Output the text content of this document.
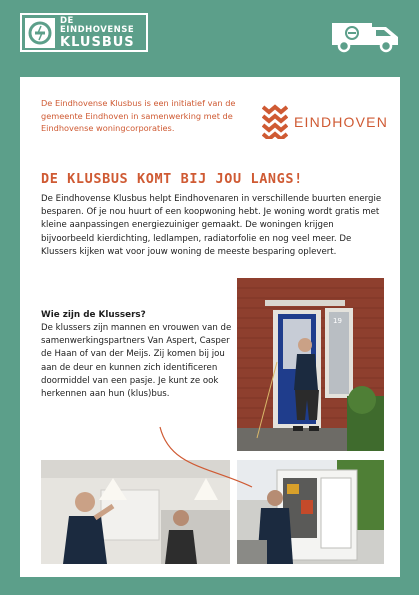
DE
EINDHOVENSE
KLUSBUS
De Eindhovense Klusbus is een initiatief van de gemeente Eindhoven in samenwerking met de Eindhovense woningcorporaties.	EINDHOVEN
DE KLUSBUS KOMT BIJ JOU LANGS!
De Eindhovense Klusbus helpt Eindhovenaren in verschillende buurten energie besparen. Of je nou huurt of een koopwoning hebt. Je woning wordt gratis met kleine aanpassingen energiezuiniger gemaakt. De woningen krijgen bijvoorbeeld kierdichting, ledlampen, radiatorfolie en nog veel meer. De Klussers kijken wat voor jouw woning de meeste besparing oplevert.
Wie zijn de Klussers?
De klussers zijn mannen en vrouwen van de samenwerkingspartners Van Aspert, Casper de Haan of van der Meijs. Zij komen bij jou aan de deur en kunnen zich identificeren doormiddel van een pasje. Je kunt ze ook herkennen aan hun (klus)bus.
19
